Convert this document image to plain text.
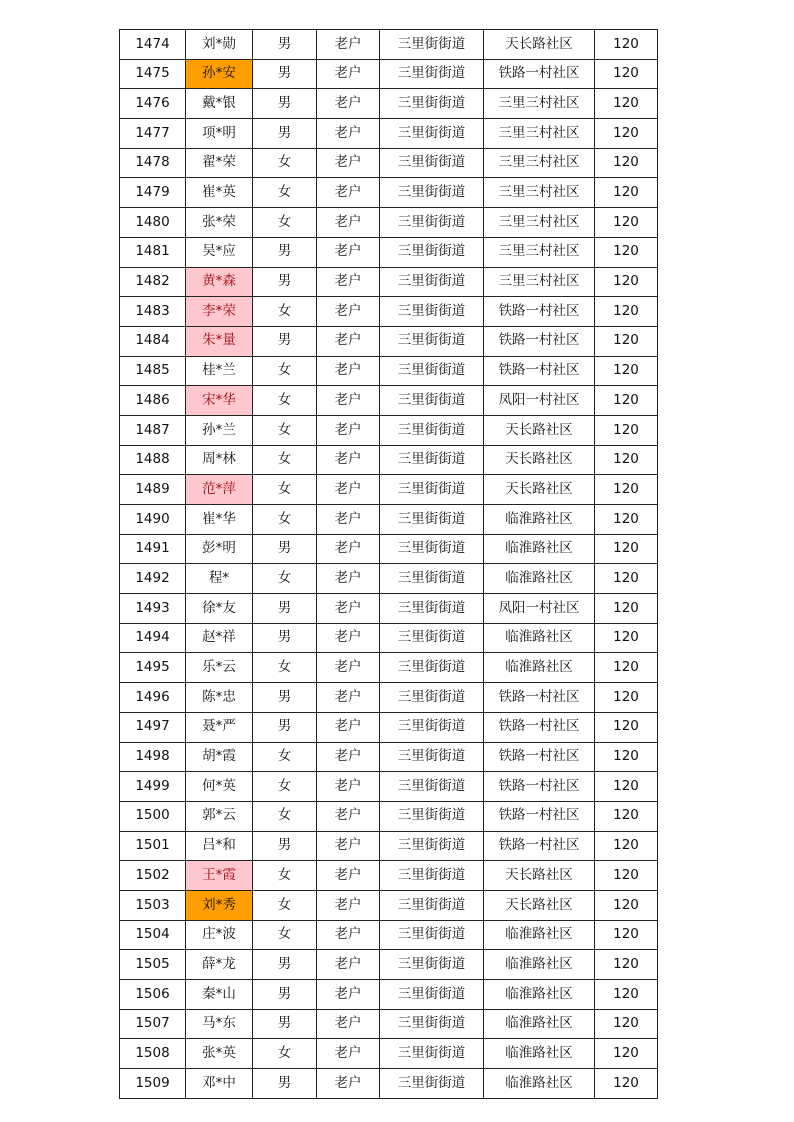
1474	刘*勋	男	老户	三里街街道	天长路社区	120
1475	孙*安	男	老户	三里街街道	铁路一村社区	120
1476	戴*银	男	老户	三里街街道	三里三村社区	120
1477	项*明	男	老户	三里街街道	三里三村社区	120
1478	翟*荣	女	老户	三里街街道	三里三村社区	120
1479	崔*英	女	老户	三里街街道	三里三村社区	120
1480	张*荣	女	老户	三里街街道	三里三村社区	120
1481	吴*应	男	老户	三里街街道	三里三村社区	120
1482	黄*森	男	老户	三里街街道	三里三村社区	120
1483	李*荣	女	老户	三里街街道	铁路一村社区	120
1484	朱*量	男	老户	三里街街道	铁路一村社区	120
1485	桂*兰	女	老户	三里街街道	铁路一村社区	120
1486	宋*华	女	老户	三里街街道	凤阳一村社区	120
1487	孙*兰	女	老户	三里街街道	天长路社区	120
1488	周*林	女	老户	三里街街道	天长路社区	120
1489	范*萍	女	老户	三里街街道	天长路社区	120
1490	崔*华	女	老户	三里街街道	临淮路社区	120
1491	彭*明	男	老户	三里街街道	临淮路社区	120
1492	程*	女	老户	三里街街道	临淮路社区	120
1493	徐*友	男	老户	三里街街道	凤阳一村社区	120
1494	赵*祥	男	老户	三里街街道	临淮路社区	120
1495	乐*云	女	老户	三里街街道	临淮路社区	120
1496	陈*忠	男	老户	三里街街道	铁路一村社区	120
1497	聂*严	男	老户	三里街街道	铁路一村社区	120
1498	胡*霞	女	老户	三里街街道	铁路一村社区	120
1499	何*英	女	老户	三里街街道	铁路一村社区	120
1500	郭*云	女	老户	三里街街道	铁路一村社区	120
1501	吕*和	男	老户	三里街街道	铁路一村社区	120
1502	王*霞	女	老户	三里街街道	天长路社区	120
1503	刘*秀	女	老户	三里街街道	天长路社区	120
1504	庄*波	女	老户	三里街街道	临淮路社区	120
1505	薛*龙	男	老户	三里街街道	临淮路社区	120
1506	秦*山	男	老户	三里街街道	临淮路社区	120
1507	马*东	男	老户	三里街街道	临淮路社区	120
1508	张*英	女	老户	三里街街道	临淮路社区	120
1509	邓*中	男	老户	三里街街道	临淮路社区	120
